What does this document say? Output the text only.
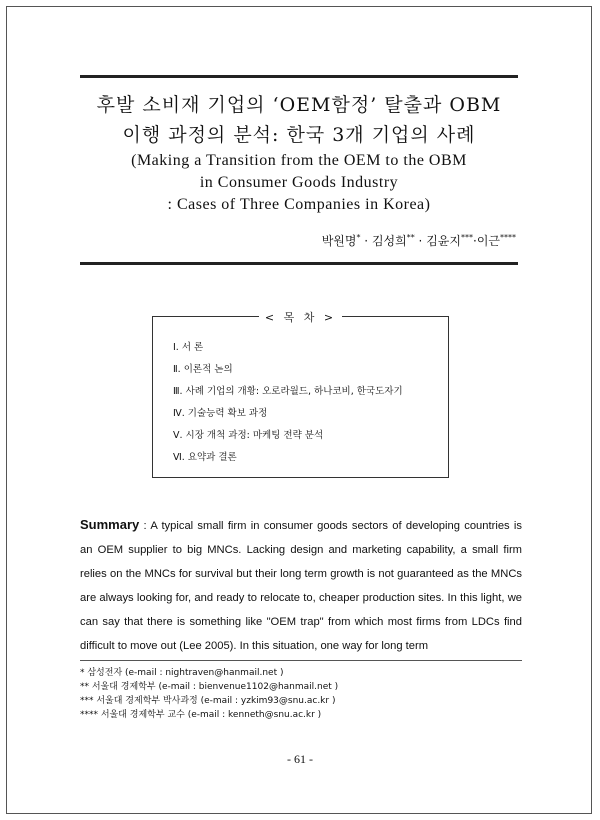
후발 소비재 기업의 ‘OEM함정’ 탈출과 OBM
이행 과정의 분석: 한국 3개 기업의 사례
(Making a Transition from the OEM to the OBM
in Consumer Goods Industry
: Cases of Three Companies in Korea)
박원명* · 김성희** · 김윤지***·이근****
< 목 차 >
Ⅰ. 서 론
Ⅱ. 이론적 논의
Ⅲ. 사례 기업의 개황: 오로라월드, 하나코비, 한국도자기
Ⅳ. 기술능력 확보 과정
Ⅴ. 시장 개척 과정: 마케팅 전략 분석
Ⅵ. 요약과 결론
Summary : A typical small firm in consumer goods sectors of developing countries is an OEM supplier to big MNCs. Lacking design and marketing capability, a small firm relies on the MNCs for survival but their long term growth is not guaranteed as the MNCs are always looking for, and ready to relocate to, cheaper production sites. In this light, we can say that there is something like "OEM trap" from which most firms from LDCs find difficult to move out (Lee 2005). In this situation, one way for long term
* 삼성전자 (e-mail : nightraven@hanmail.net )
** 서울대 경제학부 (e-mail : bienvenue1102@hanmail.net )
*** 서울대 경제학부 박사과정 (e-mail : yzkim93@snu.ac.kr )
**** 서울대 경제학부 교수 (e-mail : kenneth@snu.ac.kr )
- 61 -
